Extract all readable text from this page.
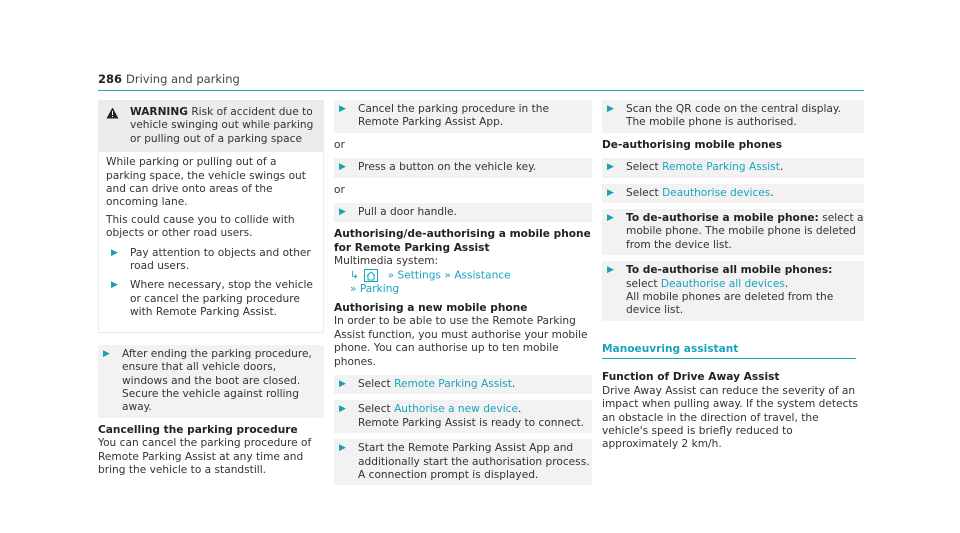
286 Driving and parking
WARNING Risk of accident due to vehicle swinging out while parking or pulling out of a parking space

While parking or pulling out of a parking space, the vehicle swings out and can drive onto areas of the oncoming lane.

This could cause you to collide with objects or other road users.

▶	Pay attention to objects and other road users.
▶	Where necessary, stop the vehicle or cancel the parking procedure with Remote Parking Assist.
▶	After ending the parking procedure, ensure that all vehicle doors, windows and the boot are closed. Secure the vehicle against rolling away.
Cancelling the parking procedure
You can cancel the parking procedure of Remote Parking Assist at any time and bring the vehicle to a standstill.
▶	Cancel the parking procedure in the Remote Parking Assist App.
or
▶	Press a button on the vehicle key.
or
▶	Pull a door handle.
Authorising/de-authorising a mobile phone for Remote Parking Assist
Multimedia system:
↳	» Settings » Assistance
» Parking
Authorising a new mobile phone
In order to be able to use the Remote Parking Assist function, you must authorise your mobile phone. You can authorise up to ten mobile phones.
▶	Select Remote Parking Assist.
▶	Select Authorise a new device.
Remote Parking Assist is ready to connect.
▶	Start the Remote Parking Assist App and additionally start the authorisation process. A connection prompt is displayed.
▶	Scan the QR code on the central display. The mobile phone is authorised.
De-authorising mobile phones
▶	Select Remote Parking Assist.
▶	Select Deauthorise devices.
▶	To de-authorise a mobile phone: select a mobile phone. The mobile phone is deleted from the device list.
▶	To de-authorise all mobile phones: select Deauthorise all devices.
All mobile phones are deleted from the device list.
Manoeuvring assistant
Function of Drive Away Assist
Drive Away Assist can reduce the severity of an impact when pulling away. If the system detects an obstacle in the direction of travel, the vehicle's speed is briefly reduced to approximately 2 km/h.
